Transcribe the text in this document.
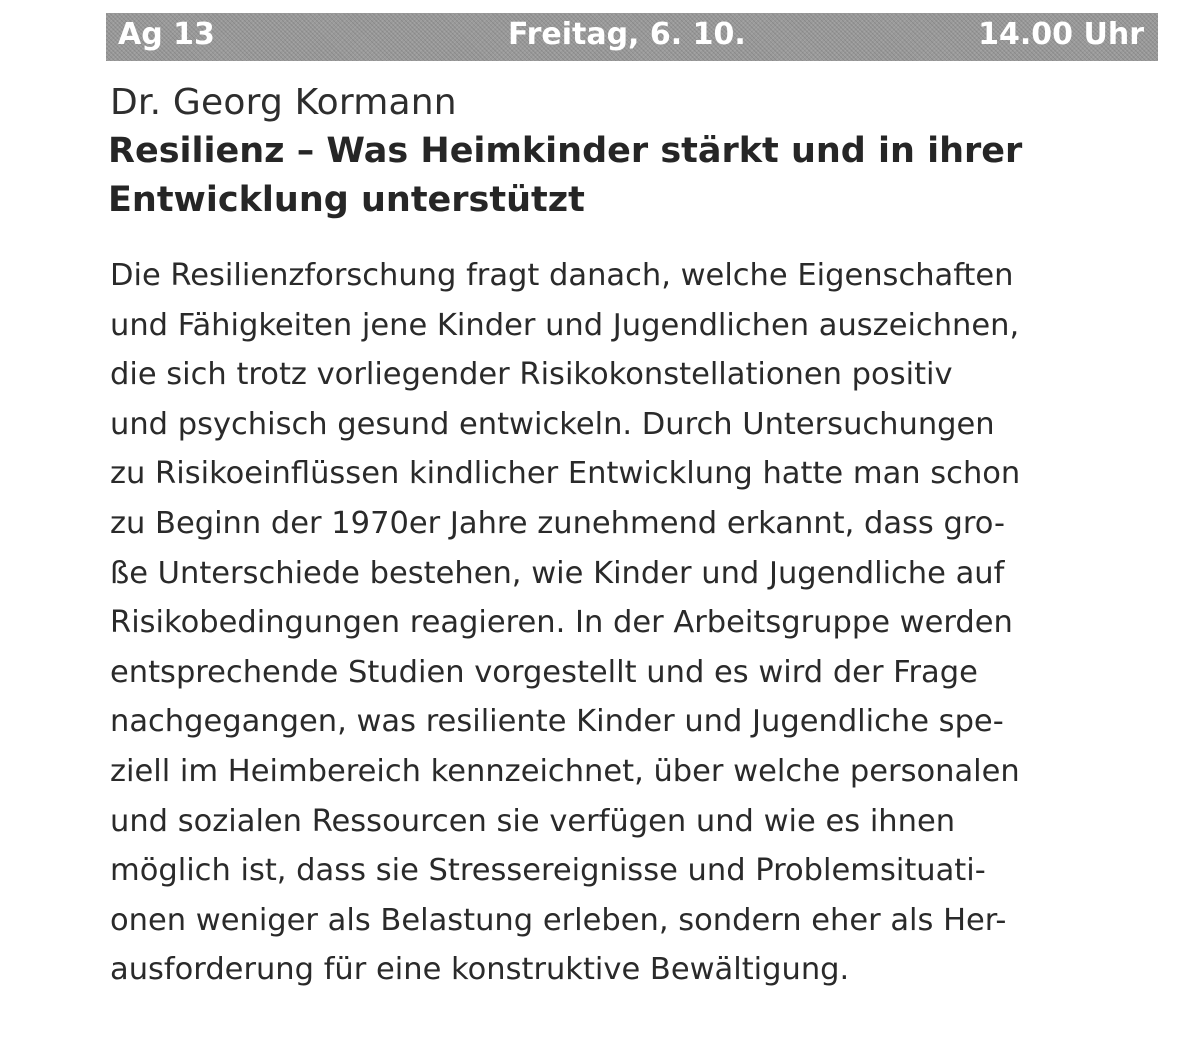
Ag 13	Freitag, 6. 10.	14.00 Uhr
Dr. Georg Kormann
Resilienz – Was Heimkinder stärkt und in ihrer
Entwicklung unterstützt
Die Resilienzforschung fragt danach, welche Eigenschaften
und Fähigkeiten jene Kinder und Jugendlichen auszeichnen,
die sich trotz vorliegender Risikokonstellationen positiv
und psychisch gesund entwickeln. Durch Untersuchungen
zu Risikoeinflüssen kindlicher Entwicklung hatte man schon
zu Beginn der 1970er Jahre zunehmend erkannt, dass gro-
ße Unterschiede bestehen, wie Kinder und Jugendliche auf
Risikobedingungen reagieren. In der Arbeitsgruppe werden
entsprechende Studien vorgestellt und es wird der Frage
nachgegangen, was resiliente Kinder und Jugendliche spe-
ziell im Heimbereich kennzeichnet, über welche personalen
und sozialen Ressourcen sie verfügen und wie es ihnen
möglich ist, dass sie Stressereignisse und Problemsituati-
onen weniger als Belastung erleben, sondern eher als Her-
ausforderung für eine konstruktive Bewältigung.
